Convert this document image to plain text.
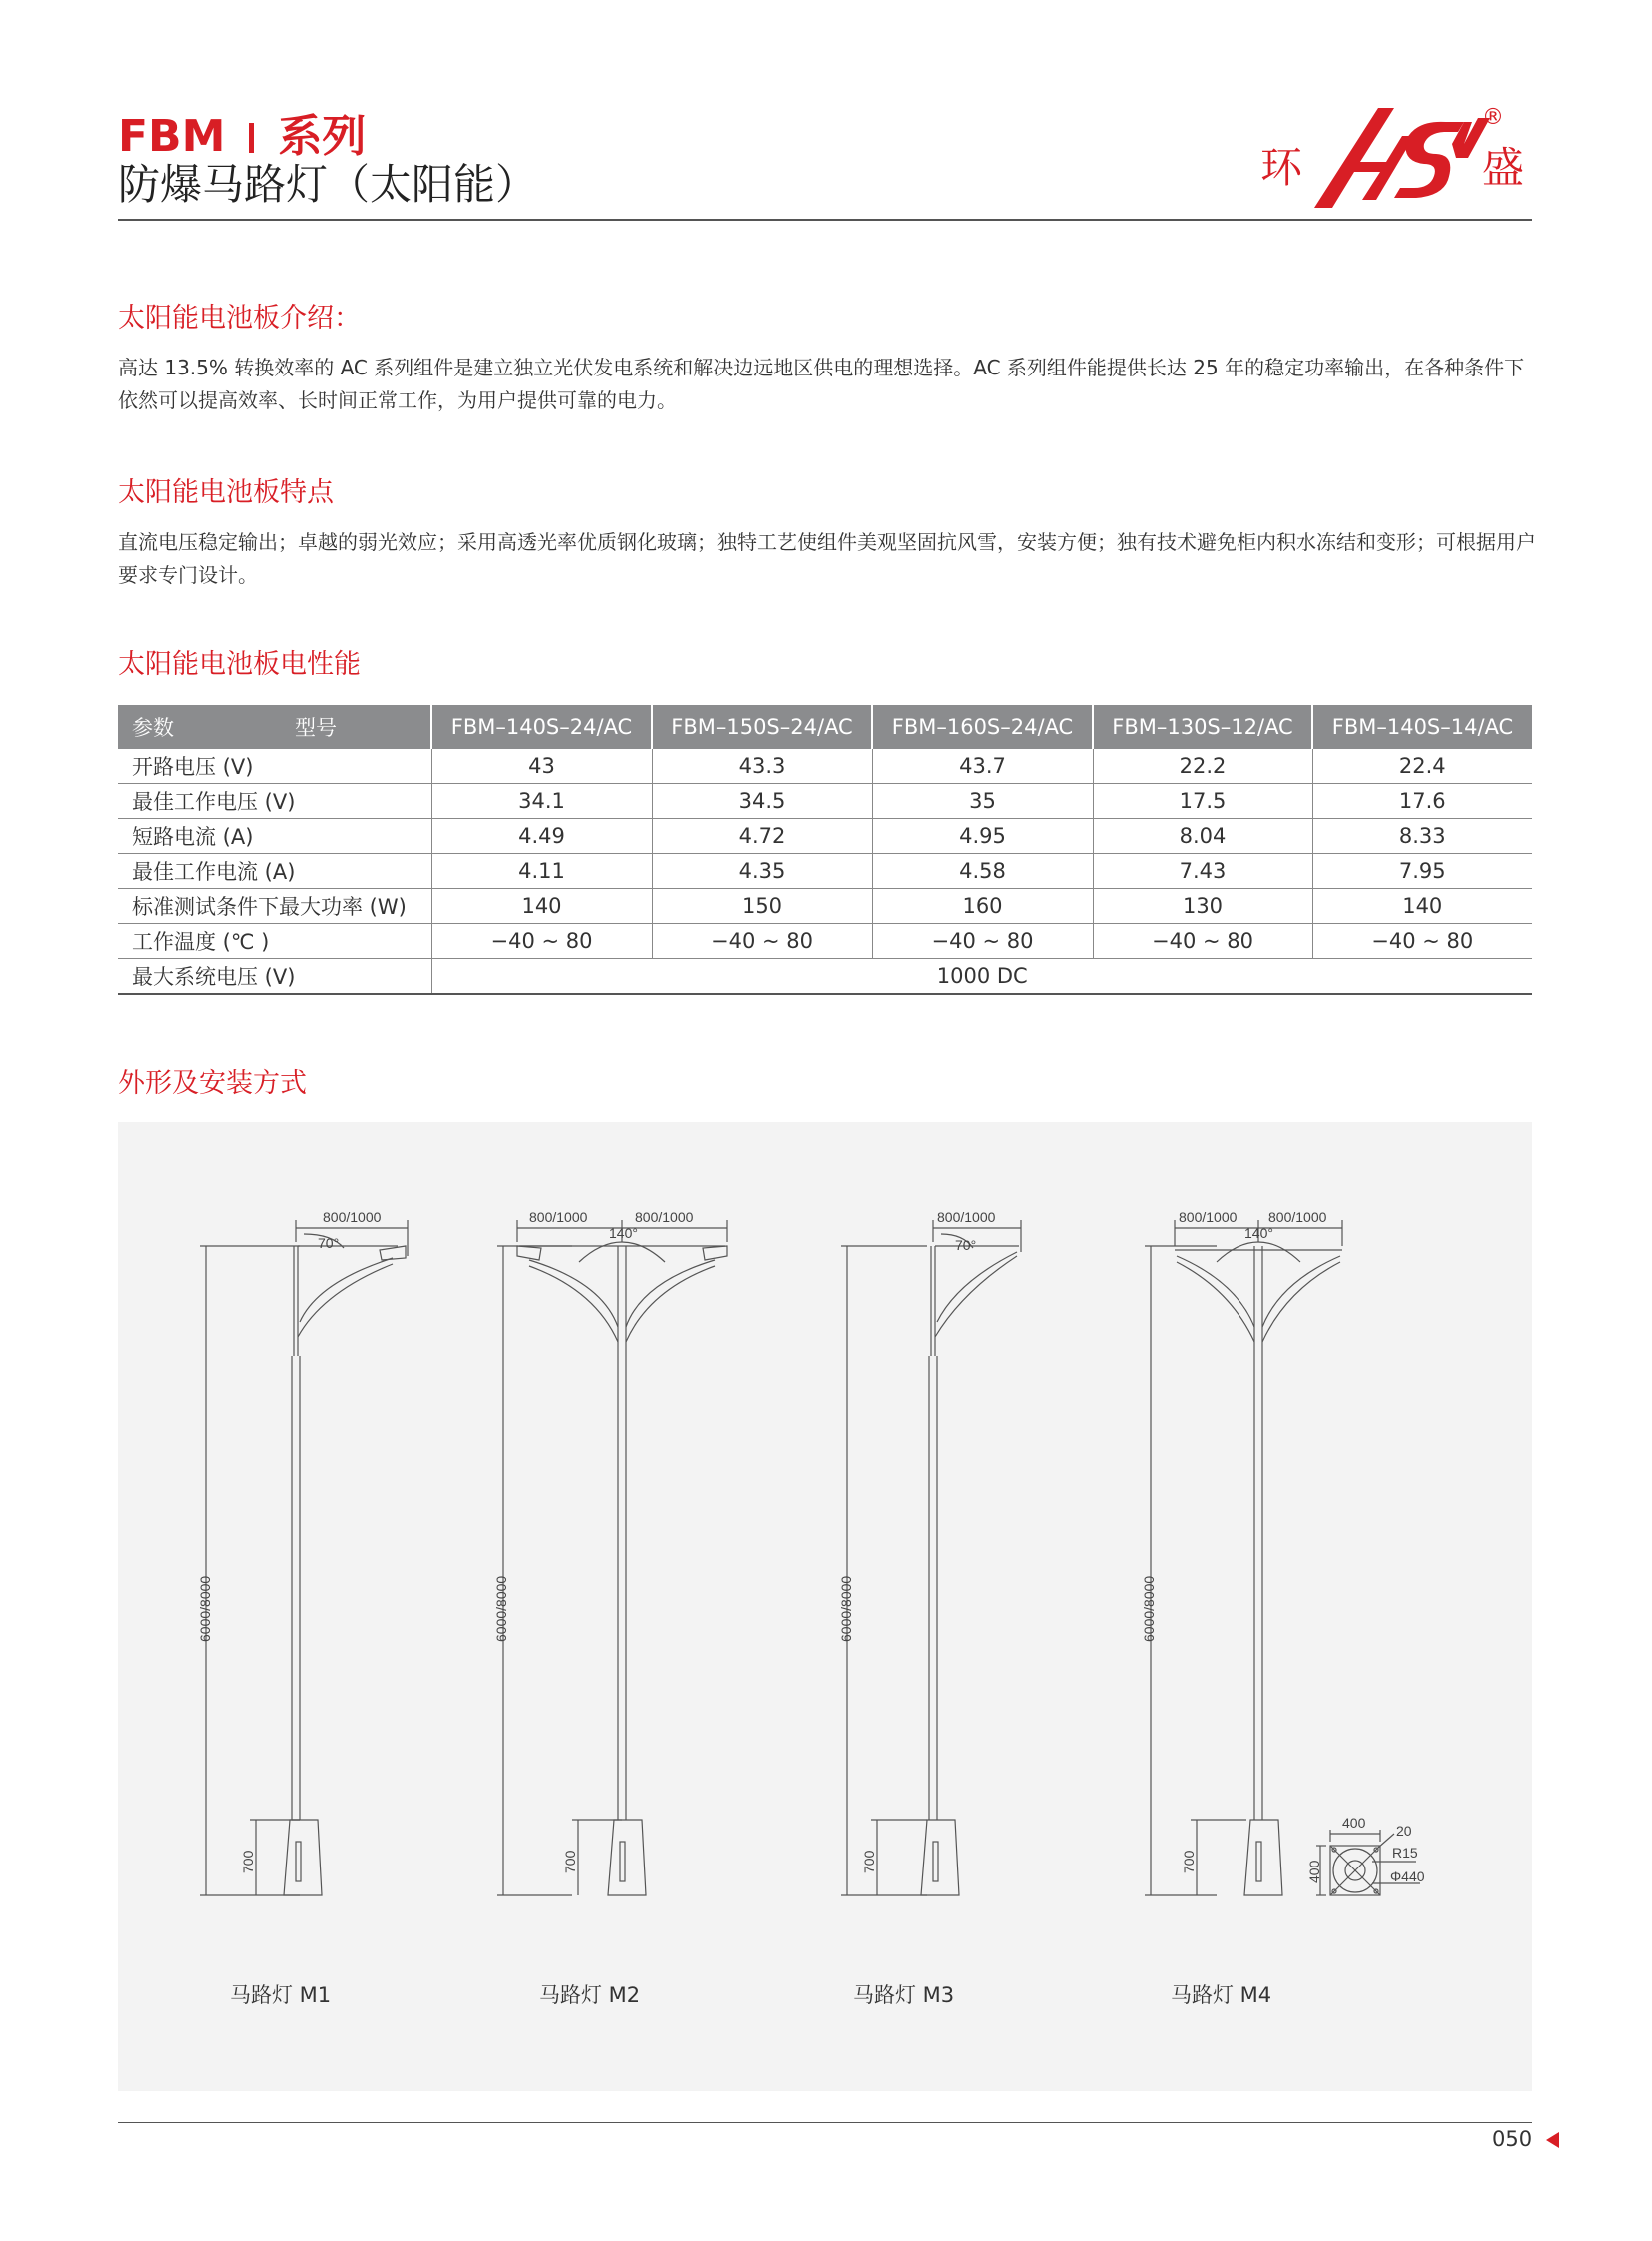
FBM 系列
防爆马路灯（太阳能）	环
®
盛
太阳能电池板介绍：
高达 13.5% 转换效率的 AC 系列组件是建立独立光伏发电系统和解决边远地区供电的理想选择。AC 系列组件能提供长达 25 年的稳定功率输出，在各种条件下依然可以提高效率、长时间正常工作，为用户提供可靠的电力。
太阳能电池板特点
直流电压稳定输出；卓越的弱光效应；采用高透光率优质钢化玻璃；独特工艺使组件美观坚固抗风雪，安装方便；独有技术避免柜内积水冻结和变形；可根据用户要求专门设计。
太阳能电池板电性能
参数 型号	FBM–140S–24/AC	FBM–150S–24/AC	FBM–160S–24/AC	FBM–130S–12/AC	FBM–140S–14/AC
开路电压 (V)	43	43.3	43.7	22.2	22.4
最佳工作电压 (V)	34.1	34.5	35	17.5	17.6
短路电流 (A)	4.49	4.72	4.95	8.04	8.33
最佳工作电流 (A)	4.11	4.35	4.58	7.43	7.95
标准测试条件下最大功率 (W)	140	150	160	130	140
工作温度 (℃ )	−40 ~ 80	−40 ~ 80	−40 ~ 80	−40 ~ 80	−40 ~ 80
最大系统电压 (V)	1000 DC				
外形及安装方式
6000/8000
700
800/1000
70°
6000/8000
700
800/1000	800/1000
140°
6000/8000
700
800/1000
70°
6000/8000
700
800/1000 800/1000
140°
400
400
20
R15
Φ440
马路灯 M1	马路灯 M2	马路灯 M3	马路灯 M4
050
